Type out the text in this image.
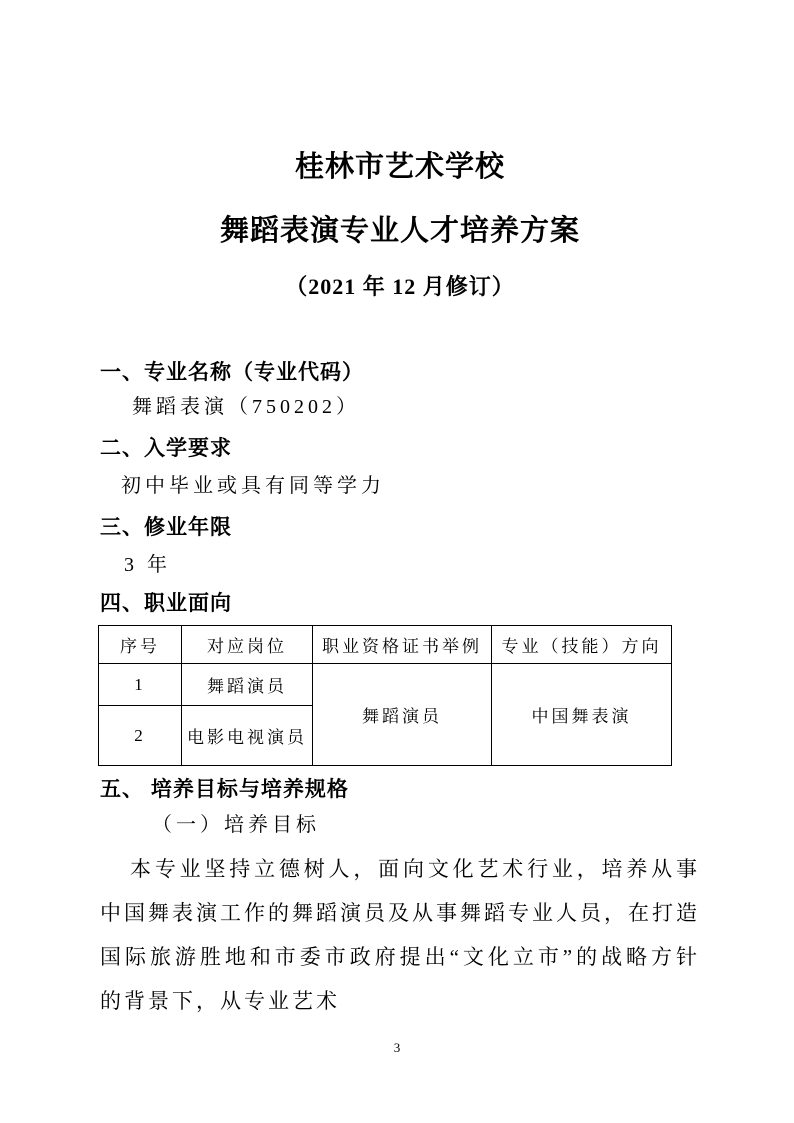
桂林市艺术学校
舞蹈表演专业人才培养方案
（2021 年 12 月修订）
一、专业名称（专业代码）

舞蹈表演（750202）

二、入学要求

初中毕业或具有同等学力

三、修业年限

3 年

四、职业面向
序号	对应岗位	职业资格证书举例	专业（技能）方向
1	舞蹈演员	舞蹈演员	中国舞表演
2	电影电视演员		
五、 培养目标与培养规格

（一）培养目标

本专业坚持立德树人，面向文化艺术行业，培养从事中国舞表演工作的舞蹈演员及从事舞蹈专业人员，在打造国际旅游胜地和市委市政府提出“文化立市”的战略方针的背景下，从专业艺术

3
